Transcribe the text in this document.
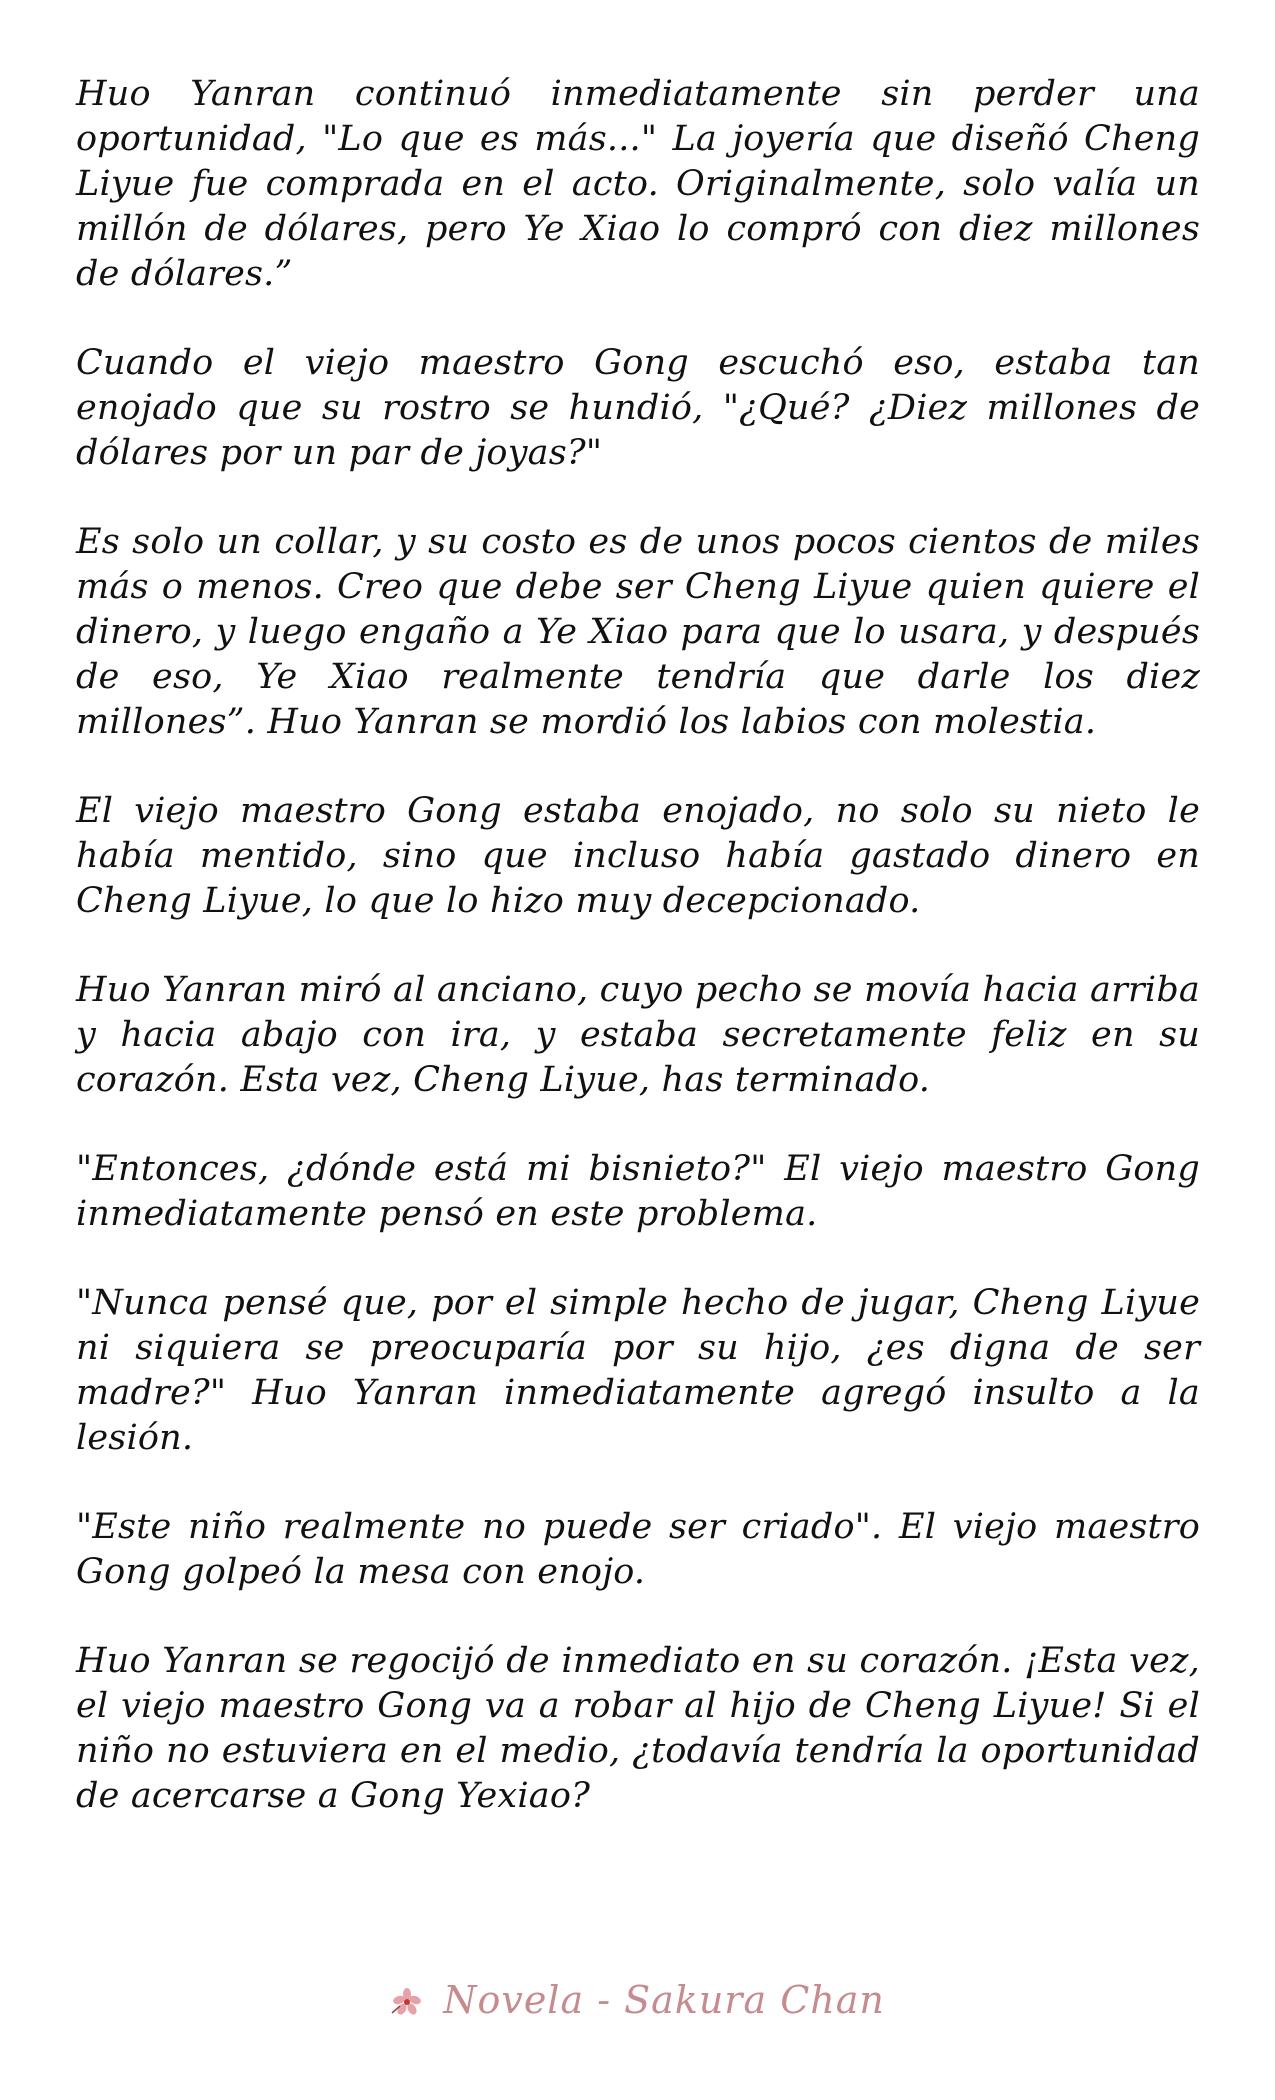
Huo Yanran continuó inmediatamente sin perder una oportunidad, "Lo que es más..." La joyería que diseñó Cheng Liyue fue comprada en el acto. Originalmente, solo valía un millón de dólares, pero Ye Xiao lo compró con diez millones de dólares.”

Cuando el viejo maestro Gong escuchó eso, estaba tan enojado que su rostro se hundió, "¿Qué? ¿Diez millones de dólares por un par de joyas?"

Es solo un collar, y su costo es de unos pocos cientos de miles más o menos. Creo que debe ser Cheng Liyue quien quiere el dinero, y luego engaño a Ye Xiao para que lo usara, y después de eso, Ye Xiao realmente tendría que darle los diez millones”. Huo Yanran se mordió los labios con molestia.

El viejo maestro Gong estaba enojado, no solo su nieto le había mentido, sino que incluso había gastado dinero en Cheng Liyue, lo que lo hizo muy decepcionado.

Huo Yanran miró al anciano, cuyo pecho se movía hacia arriba y hacia abajo con ira, y estaba secretamente feliz en su corazón. Esta vez, Cheng Liyue, has terminado.

"Entonces, ¿dónde está mi bisnieto?" El viejo maestro Gong inmediatamente pensó en este problema.

"Nunca pensé que, por el simple hecho de jugar, Cheng Liyue ni siquiera se preocuparía por su hijo, ¿es digna de ser madre?" Huo Yanran inmediatamente agregó insulto a la lesión.

"Este niño realmente no puede ser criado". El viejo maestro Gong golpeó la mesa con enojo.

Huo Yanran se regocijó de inmediato en su corazón. ¡Esta vez, el viejo maestro Gong va a robar al hijo de Cheng Liyue! Si el niño no estuviera en el medio, ¿todavía tendría la oportunidad de acercarse a Gong Yexiao?

Novela - Sakura Chan
